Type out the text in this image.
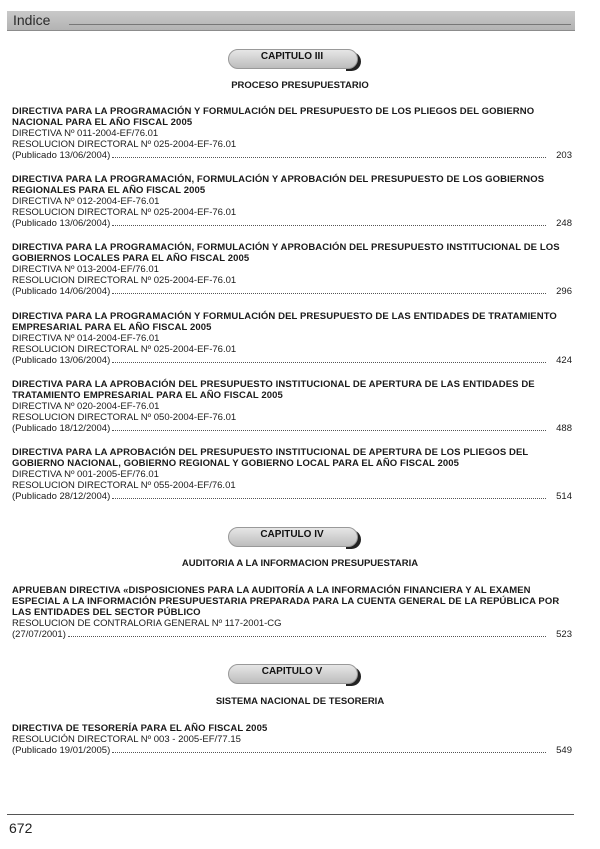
Indice
CAPITULO III
PROCESO PRESUPUESTARIO
DIRECTIVA PARA LA PROGRAMACIÓN Y FORMULACIÓN DEL PRESUPUESTO DE LOS PLIEGOS DEL GOBIERNO NACIONAL PARA EL AÑO FISCAL 2005
DIRECTIVA Nº 011-2004-EF/76.01
RESOLUCION DIRECTORAL Nº 025-2004-EF-76.01
(Publicado 13/06/2004)	203
DIRECTIVA PARA LA PROGRAMACIÓN, FORMULACIÓN Y APROBACIÓN DEL PRESUPUESTO DE LOS GOBIERNOS REGIONALES PARA EL AÑO FISCAL 2005
DIRECTIVA Nº 012-2004-EF-76.01
RESOLUCION DIRECTORAL Nº 025-2004-EF-76.01
(Publicado 13/06/2004)	248
DIRECTIVA PARA LA PROGRAMACIÓN, FORMULACIÓN Y APROBACIÓN DEL PRESUPUESTO INSTITUCIONAL DE LOS GOBIERNOS LOCALES PARA EL AÑO FISCAL 2005
DIRECTIVA Nº 013-2004-EF/76.01
RESOLUCION DIRECTORAL Nº 025-2004-EF-76.01
(Publicado 14/06/2004)	296
DIRECTIVA PARA LA PROGRAMACIÓN Y FORMULACIÓN DEL PRESUPUESTO DE LAS ENTIDADES DE TRATAMIENTO EMPRESARIAL PARA EL AÑO FISCAL 2005
DIRECTIVA Nº 014-2004-EF-76.01
RESOLUCION DIRECTORAL Nº 025-2004-EF-76.01
(Publicado 13/06/2004)	424
DIRECTIVA PARA LA APROBACIÓN DEL PRESUPUESTO INSTITUCIONAL DE APERTURA DE LAS ENTIDADES DE TRATAMIENTO EMPRESARIAL PARA EL AÑO FISCAL 2005
DIRECTIVA Nº 020-2004-EF-76.01
RESOLUCION DIRECTORAL Nº 050-2004-EF-76.01
(Publicado 18/12/2004)	488
DIRECTIVA PARA LA APROBACIÓN DEL PRESUPUESTO INSTITUCIONAL DE APERTURA DE LOS PLIEGOS DEL GOBIERNO NACIONAL, GOBIERNO REGIONAL Y GOBIERNO LOCAL PARA EL AÑO FISCAL 2005
DIRECTIVA Nº 001-2005-EF/76.01
RESOLUCION DIRECTORAL Nº 055-2004-EF/76.01
(Publicado 28/12/2004)	514
CAPITULO IV
AUDITORIA A LA INFORMACION PRESUPUESTARIA
APRUEBAN DIRECTIVA «DISPOSICIONES PARA LA AUDITORÍA A LA INFORMACIÓN FINANCIERA Y AL EXAMEN ESPECIAL A LA INFORMACIÓN PRESUPUESTARIA PREPARADA PARA LA CUENTA GENERAL DE LA REPÚBLICA POR LAS ENTIDADES DEL SECTOR PÚBLICO
RESOLUCION DE CONTRALORIA GENERAL Nº 117-2001-CG
(27/07/2001)	523
CAPITULO V
SISTEMA NACIONAL DE TESORERIA
DIRECTIVA DE TESORERÍA PARA EL AÑO FISCAL 2005
RESOLUCIÓN DIRECTORAL Nº 003 - 2005-EF/77.15
(Publicado 19/01/2005)	549
672
